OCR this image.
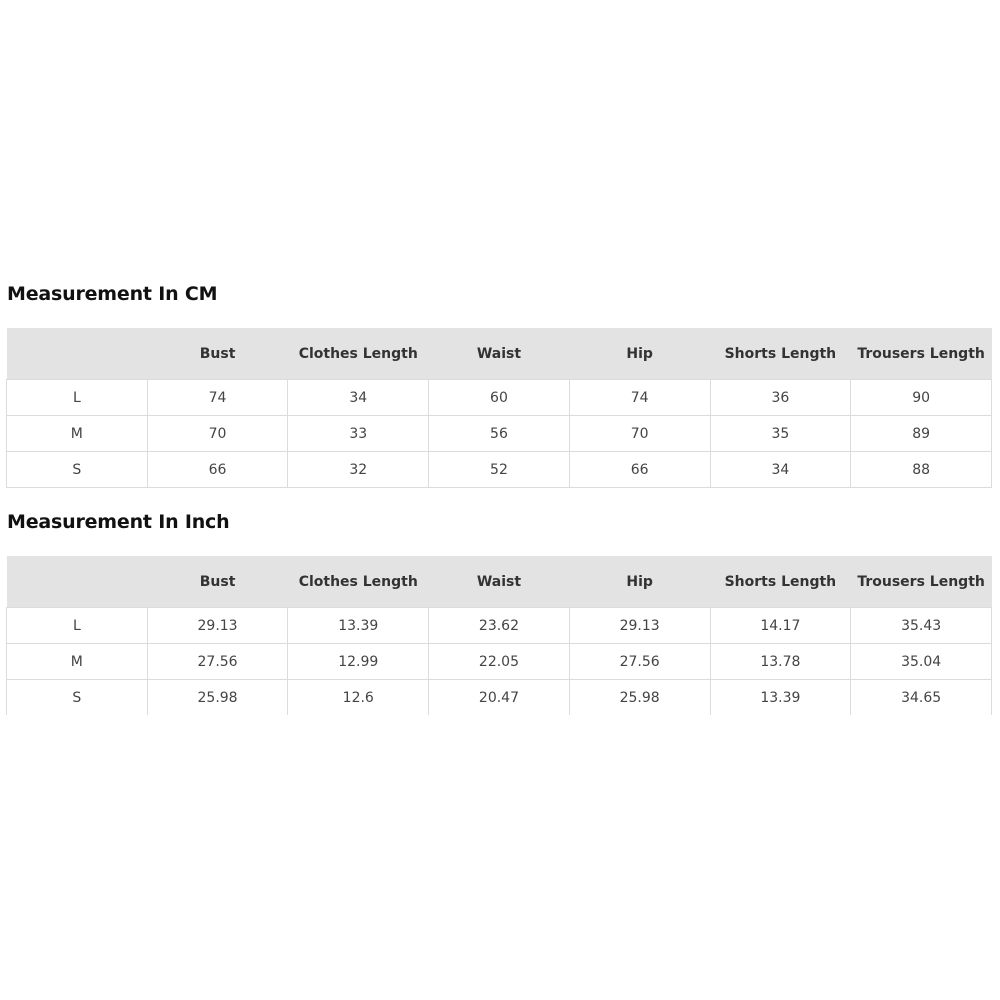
Measurement In CM
	Bust	Clothes Length	Waist	Hip	Shorts Length	Trousers Length
L	74	34	60	74	36	90
M	70	33	56	70	35	89
S	66	32	52	66	34	88
Measurement In Inch
	Bust	Clothes Length	Waist	Hip	Shorts Length	Trousers Length
L	29.13	13.39	23.62	29.13	14.17	35.43
M	27.56	12.99	22.05	27.56	13.78	35.04
S	25.98	12.6	20.47	25.98	13.39	34.65
